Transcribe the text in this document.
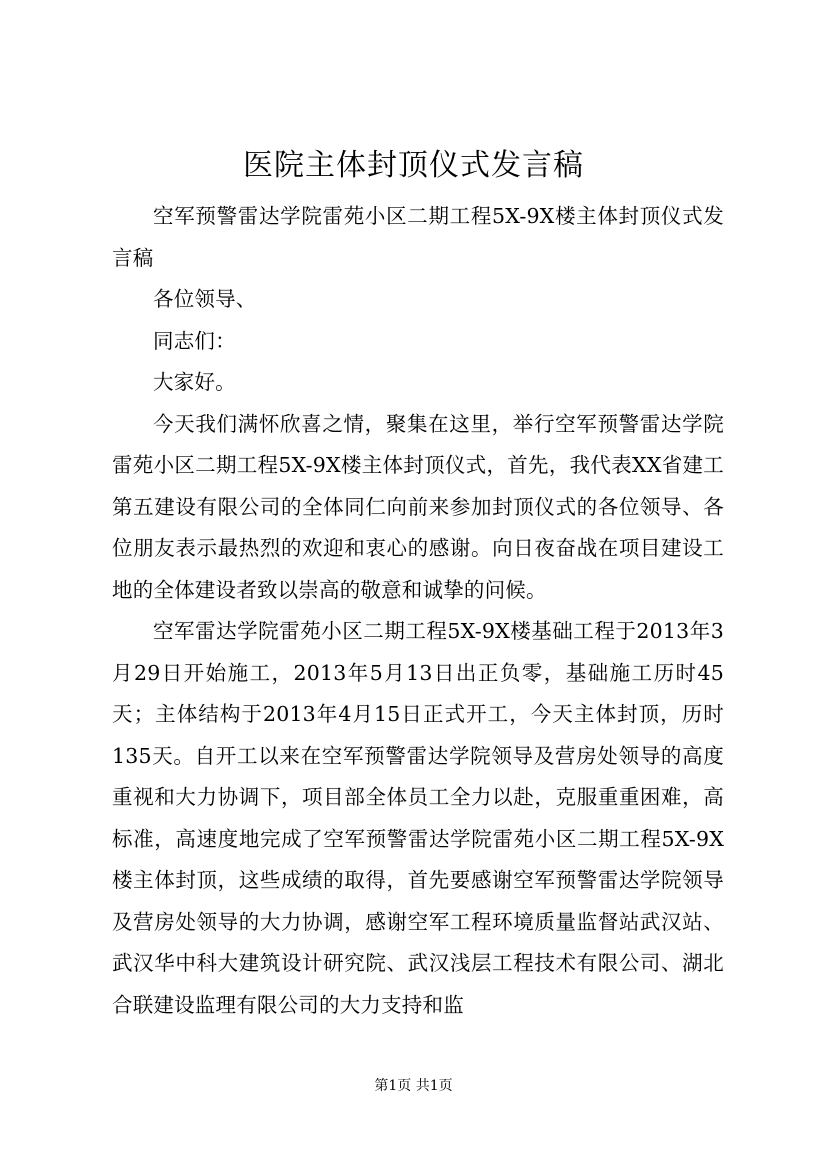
医院主体封顶仪式发言稿

空军预警雷达学院雷苑小区二期工程5X-9X楼主体封顶仪式发言稿

各位领导、

同志们：

大家好。

今天我们满怀欣喜之情，聚集在这里，举行空军预警雷达学院雷苑小区二期工程5X-9X楼主体封顶仪式，首先，我代表XX省建工第五建设有限公司的全体同仁向前来参加封顶仪式的各位领导、各位朋友表示最热烈的欢迎和衷心的感谢。向日夜奋战在项目建设工地的全体建设者致以崇高的敬意和诚挚的问候。

空军雷达学院雷苑小区二期工程5X-9X楼基础工程于2013年3月29日开始施工，2013年5月13日出正负零，基础施工历时45天；主体结构于2013年4月15日正式开工，今天主体封顶，历时135天。自开工以来在空军预警雷达学院领导及营房处领导的高度重视和大力协调下，项目部全体员工全力以赴，克服重重困难，高标准，高速度地完成了空军预警雷达学院雷苑小区二期工程5X-9X楼主体封顶，这些成绩的取得，首先要感谢空军预警雷达学院领导及营房处领导的大力协调，感谢空军工程环境质量监督站武汉站、武汉华中科大建筑设计研究院、武汉浅层工程技术有限公司、湖北合联建设监理有限公司的大力支持和监

第1页 共1页
